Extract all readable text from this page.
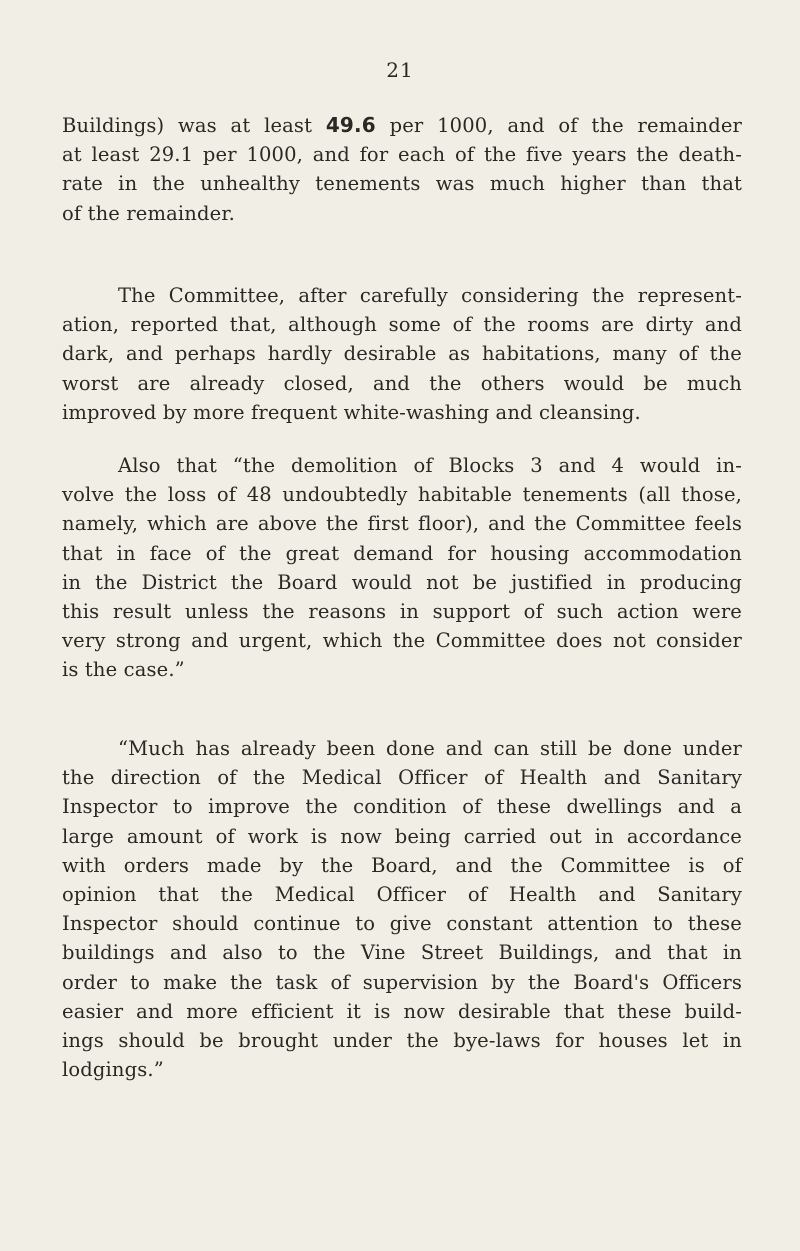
21

Buildings) was at least 49.6 per 1000, and of the remainder
at least 29.1 per 1000, and for each of the five years the death-
rate in the unhealthy tenements was much higher than that
of the remainder.

The Committee, after carefully considering the represent-
ation, reported that, although some of the rooms are dirty and
dark, and perhaps hardly desirable as habitations, many of the
worst are already closed, and the others would be much
improved by more frequent white-washing and cleansing.

Also that “the demolition of Blocks 3 and 4 would in-
volve the loss of 48 undoubtedly habitable tenements (all those,
namely, which are above the first floor), and the Committee feels
that in face of the great demand for housing accommodation
in the District the Board would not be justified in producing
this result unless the reasons in support of such action were
very strong and urgent, which the Committee does not consider
is the case.”

“Much has already been done and can still be done under
the direction of the Medical Officer of Health and Sanitary
Inspector to improve the condition of these dwellings and a
large amount of work is now being carried out in accordance
with orders made by the Board, and the Committee is of
opinion that the Medical Officer of Health and Sanitary
Inspector should continue to give constant attention to these
buildings and also to the Vine Street Buildings, and that in
order to make the task of supervision by the Board's Officers
easier and more efficient it is now desirable that these build-
ings should be brought under the bye-laws for houses let in
lodgings.”
